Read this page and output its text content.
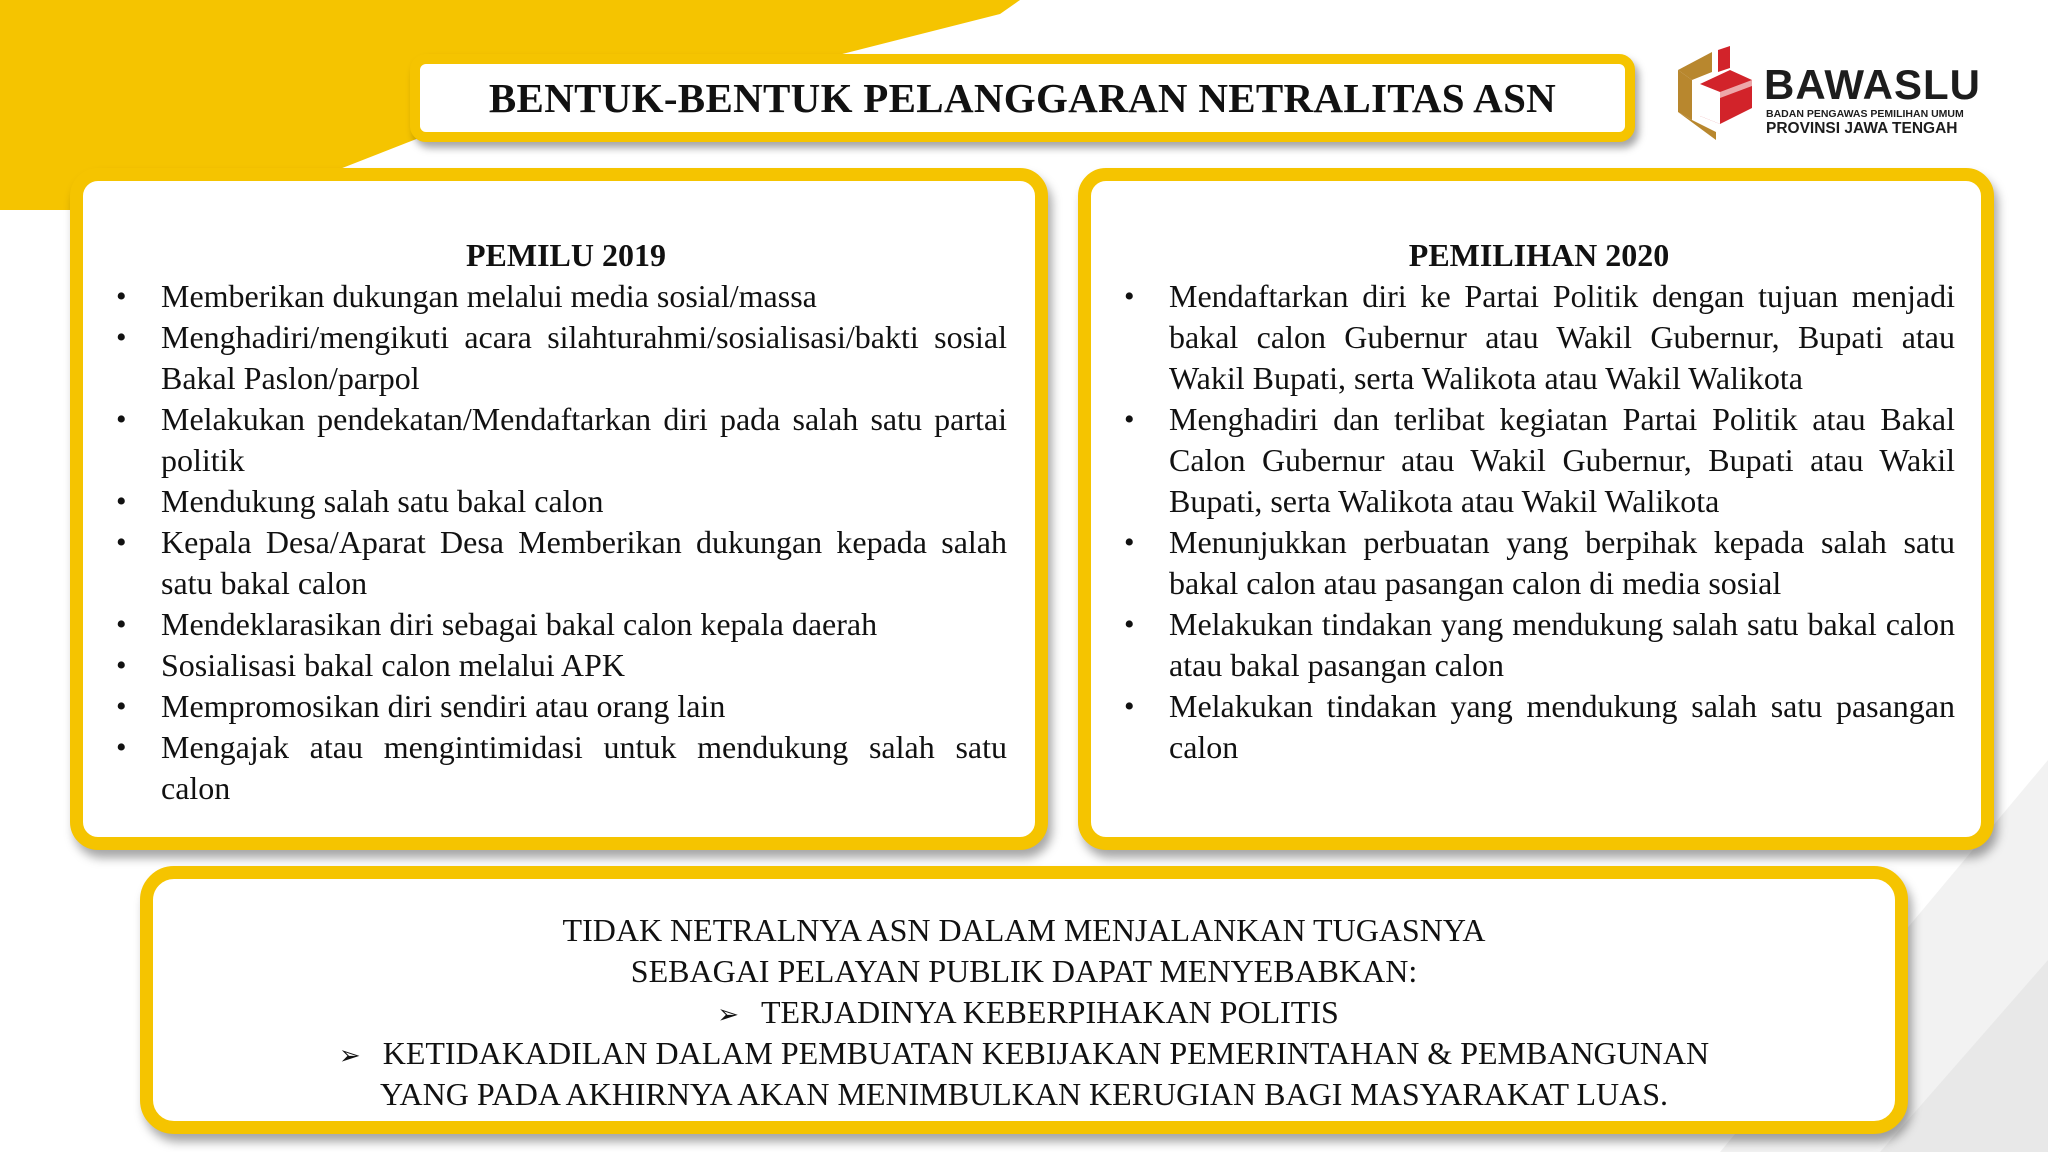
BENTUK-BENTUK PELANGGARAN NETRALITAS ASN	BAWASLU
BADAN PENGAWAS PEMILIHAN UMUM
PROVINSI JAWA TENGAH
PEMILU 2019
• Memberikan dukungan melalui media sosial/massa
• Menghadiri/mengikuti acara silahturahmi/sosialisasi/bakti sosial Bakal Paslon/parpol
• Melakukan pendekatan/Mendaftarkan diri pada salah satu partai politik
• Mendukung salah satu bakal calon
• Kepala Desa/Aparat Desa Memberikan dukungan kepada salah satu bakal calon
• Mendeklarasikan diri sebagai bakal calon kepala daerah
• Sosialisasi bakal calon melalui APK
• Mempromosikan diri sendiri atau orang lain
• Mengajak atau mengintimidasi untuk mendukung salah satu calon
PEMILIHAN 2020
• Mendaftarkan diri ke Partai Politik dengan tujuan menjadi bakal calon Gubernur atau Wakil Gubernur, Bupati atau Wakil Bupati, serta Walikota atau Wakil Walikota
• Menghadiri dan terlibat kegiatan Partai Politik atau Bakal Calon Gubernur atau Wakil Gubernur, Bupati atau Wakil Bupati, serta Walikota atau Wakil Walikota
• Menunjukkan perbuatan yang berpihak kepada salah satu bakal calon atau pasangan calon di media sosial
• Melakukan tindakan yang mendukung salah satu bakal calon atau bakal pasangan calon
• Melakukan tindakan yang mendukung salah satu pasangan calon
TIDAK NETRALNYA ASN DALAM MENJALANKAN TUGASNYA
SEBAGAI PELAYAN PUBLIK DAPAT MENYEBABKAN:
➢ TERJADINYA KEBERPIHAKAN POLITIS
➢ KETIDAKADILAN DALAM PEMBUATAN KEBIJAKAN PEMERINTAHAN & PEMBANGUNAN
YANG PADA AKHIRNYA AKAN MENIMBULKAN KERUGIAN BAGI MASYARAKAT LUAS.
